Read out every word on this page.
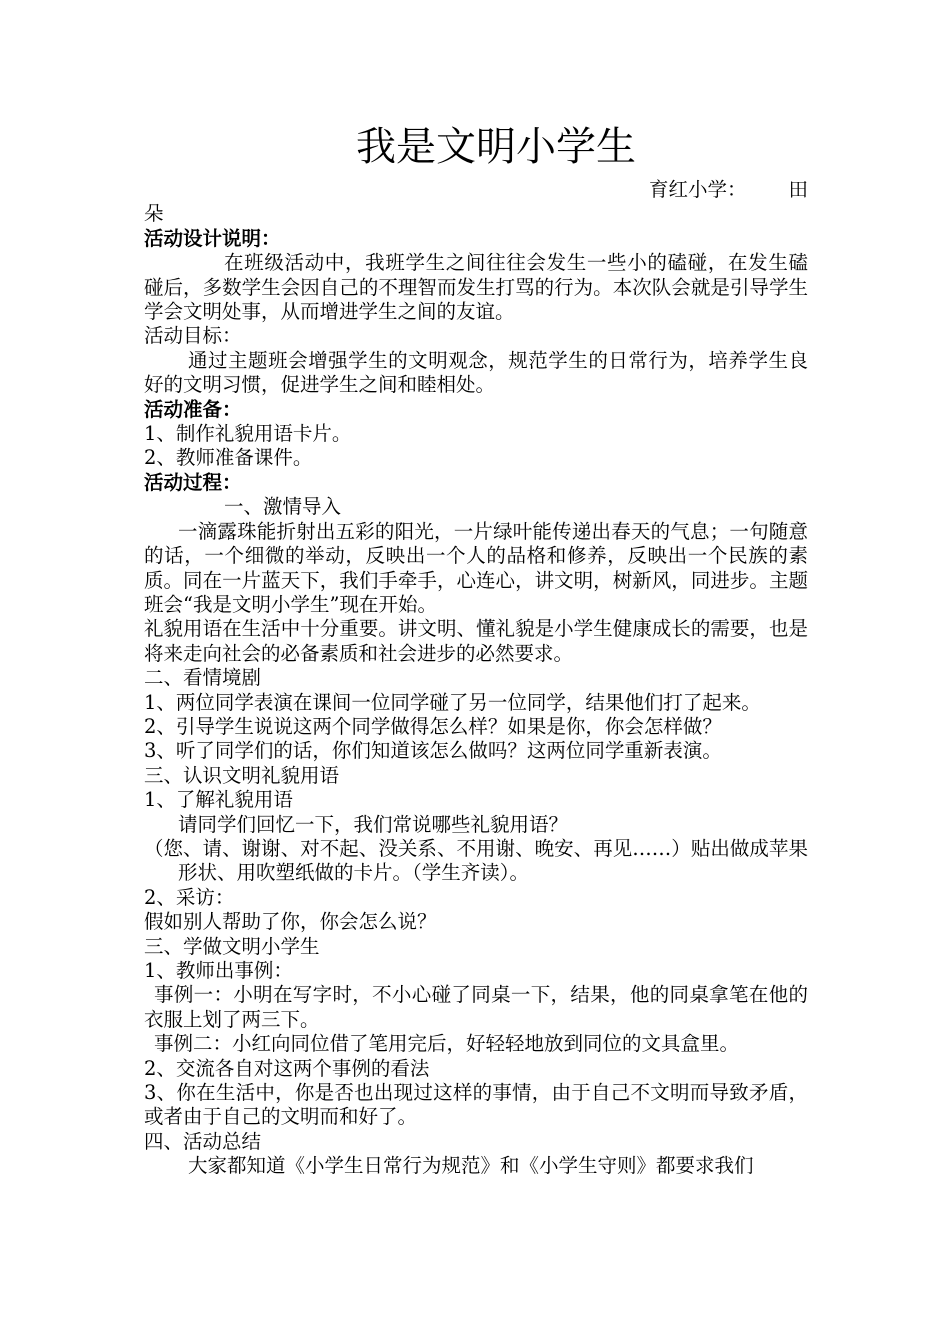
我是文明小学生
育红小学： 田

朵

活动设计说明：

在班级活动中，我班学生之间往往会发生一些小的磕碰，在发生磕碰后，多数学生会因自己的不理智而发生打骂的行为。本次队会就是引导学生学会文明处事，从而增进学生之间的友谊。

活动目标：

通过主题班会增强学生的文明观念，规范学生的日常行为，培养学生良好的文明习惯，促进学生之间和睦相处。

活动准备：

1、制作礼貌用语卡片。

2、教师准备课件。

活动过程：

一、激情导入

一滴露珠能折射出五彩的阳光，一片绿叶能传递出春天的气息；一句随意的话，一个细微的举动，反映出一个人的品格和修养，反映出一个民族的素质。同在一片蓝天下，我们手牵手，心连心，讲文明，树新风，同进步。主题班会“我是文明小学生”现在开始。

礼貌用语在生活中十分重要。讲文明、懂礼貌是小学生健康成长的需要，也是将来走向社会的必备素质和社会进步的必然要求。

二、看情境剧

1、两位同学表演在课间一位同学碰了另一位同学，结果他们打了起来。

2、引导学生说说这两个同学做得怎么样？如果是你，你会怎样做？

3、听了同学们的话，你们知道该怎么做吗？这两位同学重新表演。

三、认识文明礼貌用语

1、了解礼貌用语

请同学们回忆一下，我们常说哪些礼貌用语？

（您、请、谢谢、对不起、没关系、不用谢、晚安、再见……）贴出做成苹果形状、用吹塑纸做的卡片。（学生齐读）。

2、采访：

假如别人帮助了你，你会怎么说？

三、学做文明小学生

1、教师出事例：

事例一：小明在写字时，不小心碰了同桌一下，结果，他的同桌拿笔在他的衣服上划了两三下。

事例二：小红向同位借了笔用完后，好轻轻地放到同位的文具盒里。

2、交流各自对这两个事例的看法

3、你在生活中，你是否也出现过这样的事情，由于自己不文明而导致矛盾，或者由于自己的文明而和好了。

四、活动总结

大家都知道《小学生日常行为规范》和《小学生守则》都要求我们
